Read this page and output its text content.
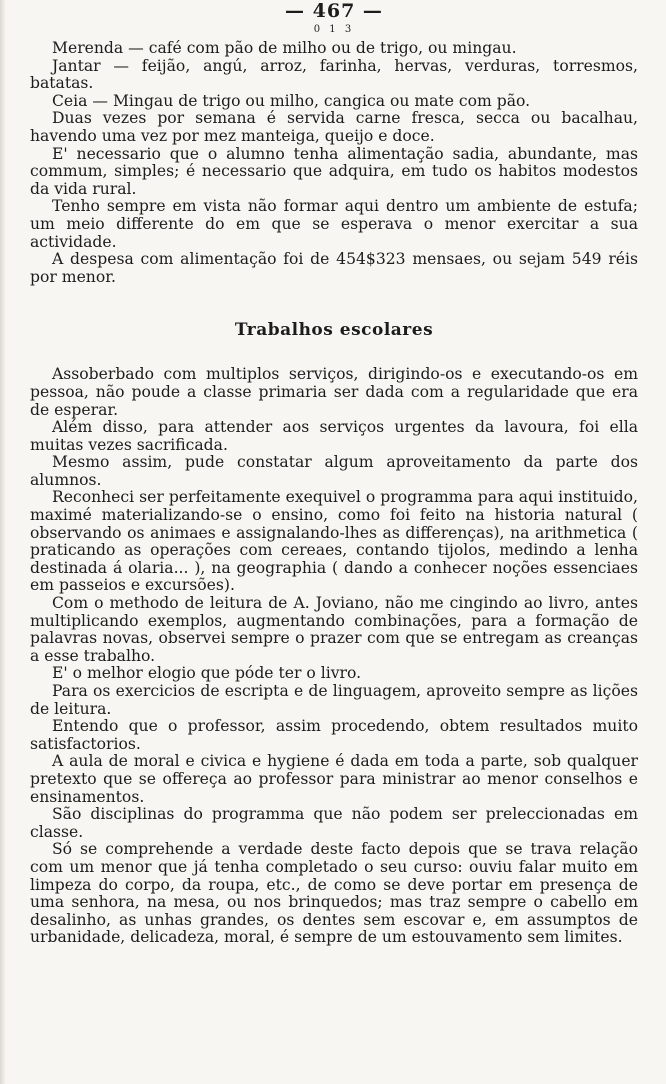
— 467 —
0 1 3

Merenda — café com pão de milho ou de trigo, ou mingau.

Jantar — feijão, angú, arroz, farinha, hervas, verduras, torresmos, batatas.

Ceia — Mingau de trigo ou milho, cangica ou mate com pão.

Duas vezes por semana é servida carne fresca, secca ou bacalhau, havendo uma vez por mez manteiga, queijo e doce.

E' necessario que o alumno tenha alimentação sadia, abundante, mas commum, simples; é necessario que adquira, em tudo os habitos modestos da vida rural.

Tenho sempre em vista não formar aqui dentro um ambiente de estufa; um meio differente do em que se esperava o menor exercitar a sua actividade.

A despesa com alimentação foi de 454$323 mensaes, ou sejam 549 réis por menor.

Trabalhos escolares

Assoberbado com multiplos serviços, dirigindo-os e executando-os em pessoa, não poude a classe primaria ser dada com a regularidade que era de esperar.

Além disso, para attender aos serviços urgentes da lavoura, foi ella muitas vezes sacrificada.

Mesmo assim, pude constatar algum aproveitamento da parte dos alumnos.

Reconheci ser perfeitamente exequivel o programma para aqui instituido, maximé materializando-se o ensino, como foi feito na historia natural ( observando os animaes e assignalando-lhes as differenças), na arithmetica ( praticando as operações com cereaes, contando tijolos, medindo a lenha destinada á olaria... ), na geographia ( dando a conhecer noções essenciaes em passeios e excursões).

Com o methodo de leitura de A. Joviano, não me cingindo ao livro, antes multiplicando exemplos, augmentando combinações, para a formação de palavras novas, observei sempre o prazer com que se entregam as creanças a esse trabalho.

E' o melhor elogio que póde ter o livro.

Para os exercicios de escripta e de linguagem, aproveito sempre as lições de leitura.

Entendo que o professor, assim procedendo, obtem resultados muito satisfactorios.

A aula de moral e civica e hygiene é dada em toda a parte, sob qualquer pretexto que se offereça ao professor para ministrar ao menor conselhos e ensinamentos.

São disciplinas do programma que não podem ser preleccionadas em classe.

Só se comprehende a verdade deste facto depois que se trava relação com um menor que já tenha completado o seu curso: ouviu falar muito em limpeza do corpo, da roupa, etc., de como se deve portar em presença de uma senhora, na mesa, ou nos brinquedos; mas traz sempre o cabello em desalinho, as unhas grandes, os dentes sem escovar e, em assumptos de urbanidade, delicadeza, moral, é sempre de um estouvamento sem limites.
